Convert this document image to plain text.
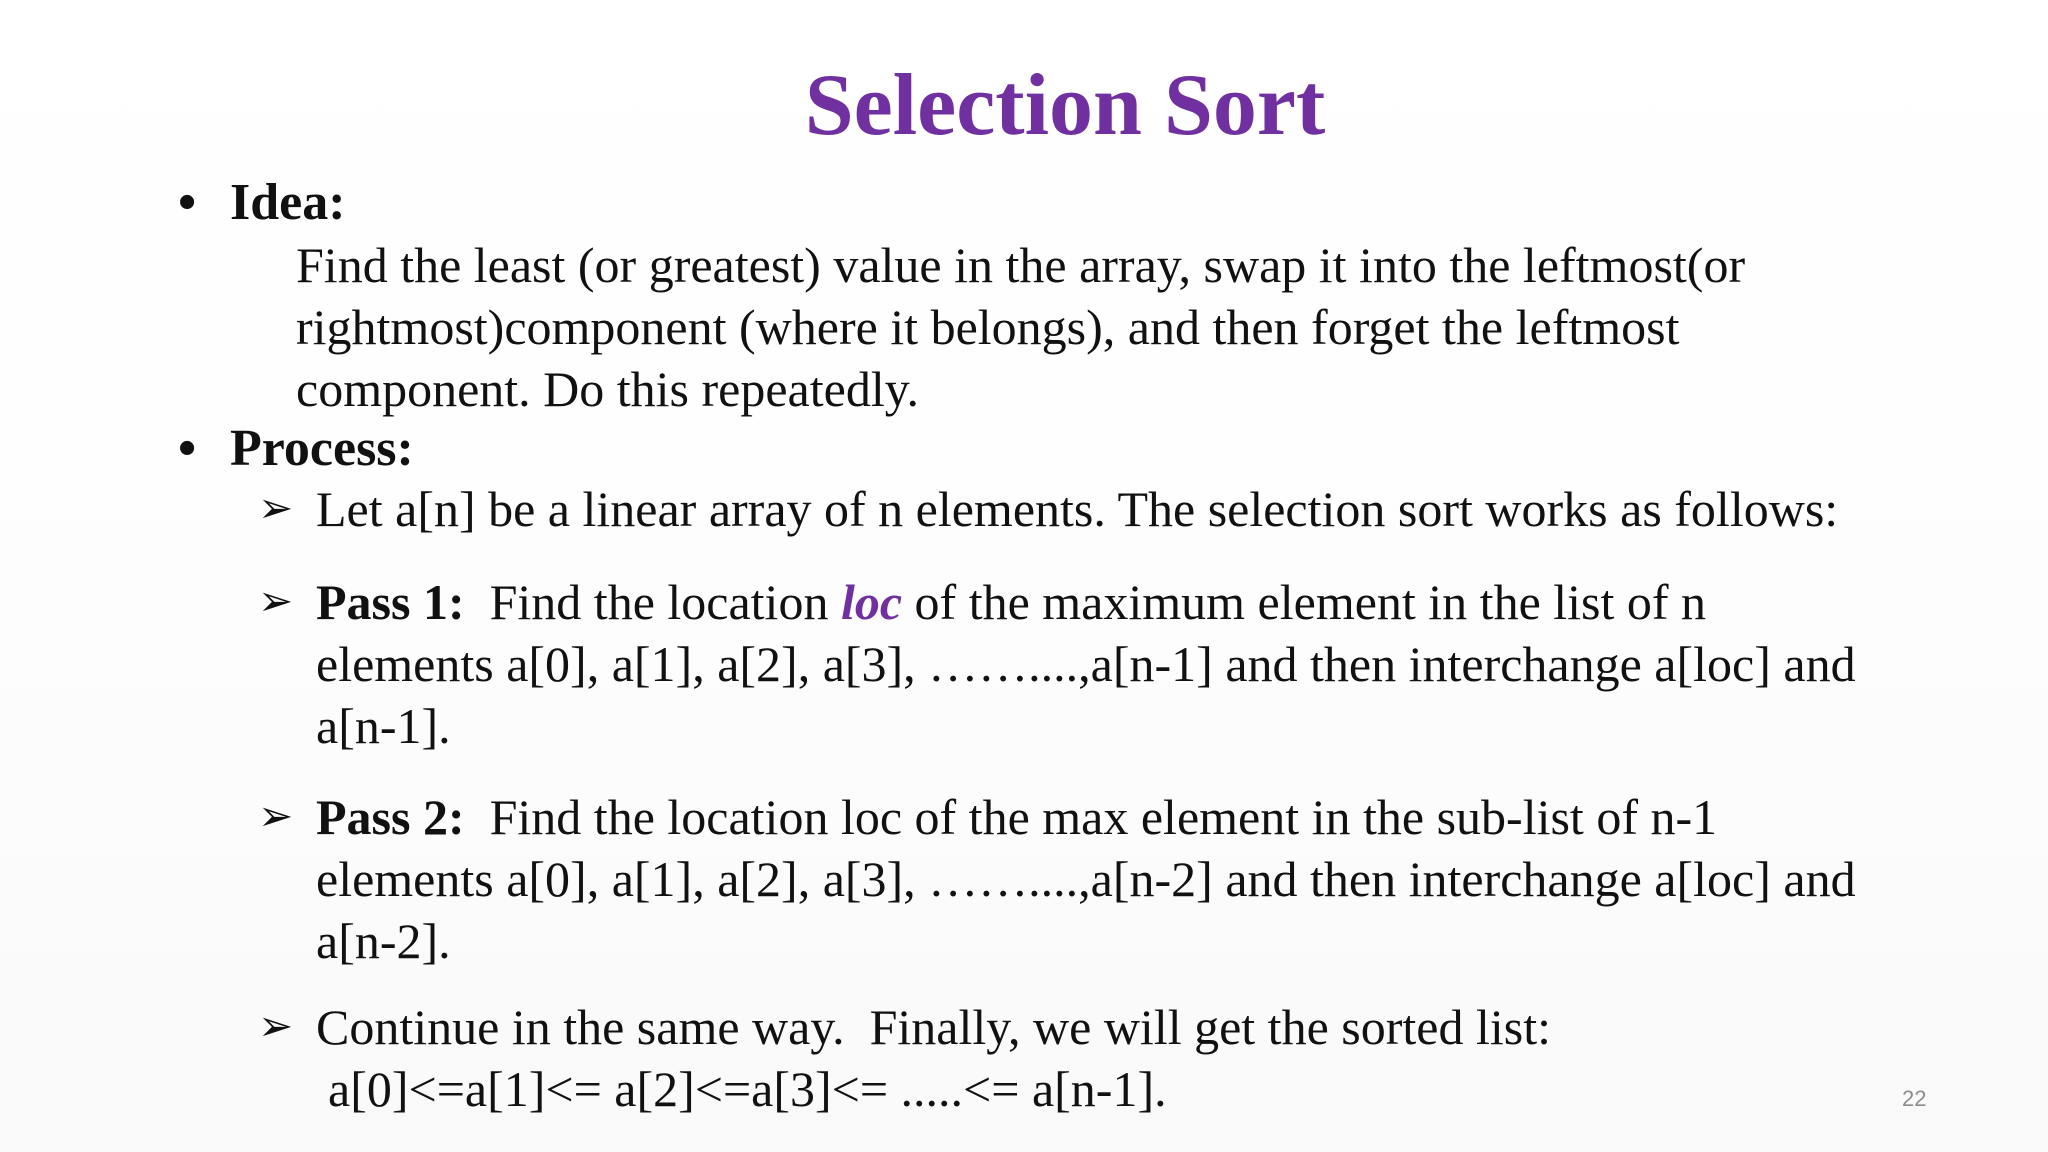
Selection Sort
• Idea:
Find the least (or greatest) value in the array, swap it into the leftmost(or
rightmost)component (where it belongs), and then forget the leftmost
component. Do this repeatedly.
• Process:
➢ Let a[n] be a linear array of n elements. The selection sort works as follows:
➢ Pass 1: Find the location loc of the maximum element in the list of n
elements a[0], a[1], a[2], a[3], ……....,a[n-1] and then interchange a[loc] and
a[n-1].
➢ Pass 2: Find the location loc of the max element in the sub-list of n-1
elements a[0], a[1], a[2], a[3], ……....,a[n-2] and then interchange a[loc] and
a[n-2].
➢ Continue in the same way.  Finally, we will get the sorted list:
a[0]<=a[1]<= a[2]<=a[3]<= .....<= a[n-1].	22
